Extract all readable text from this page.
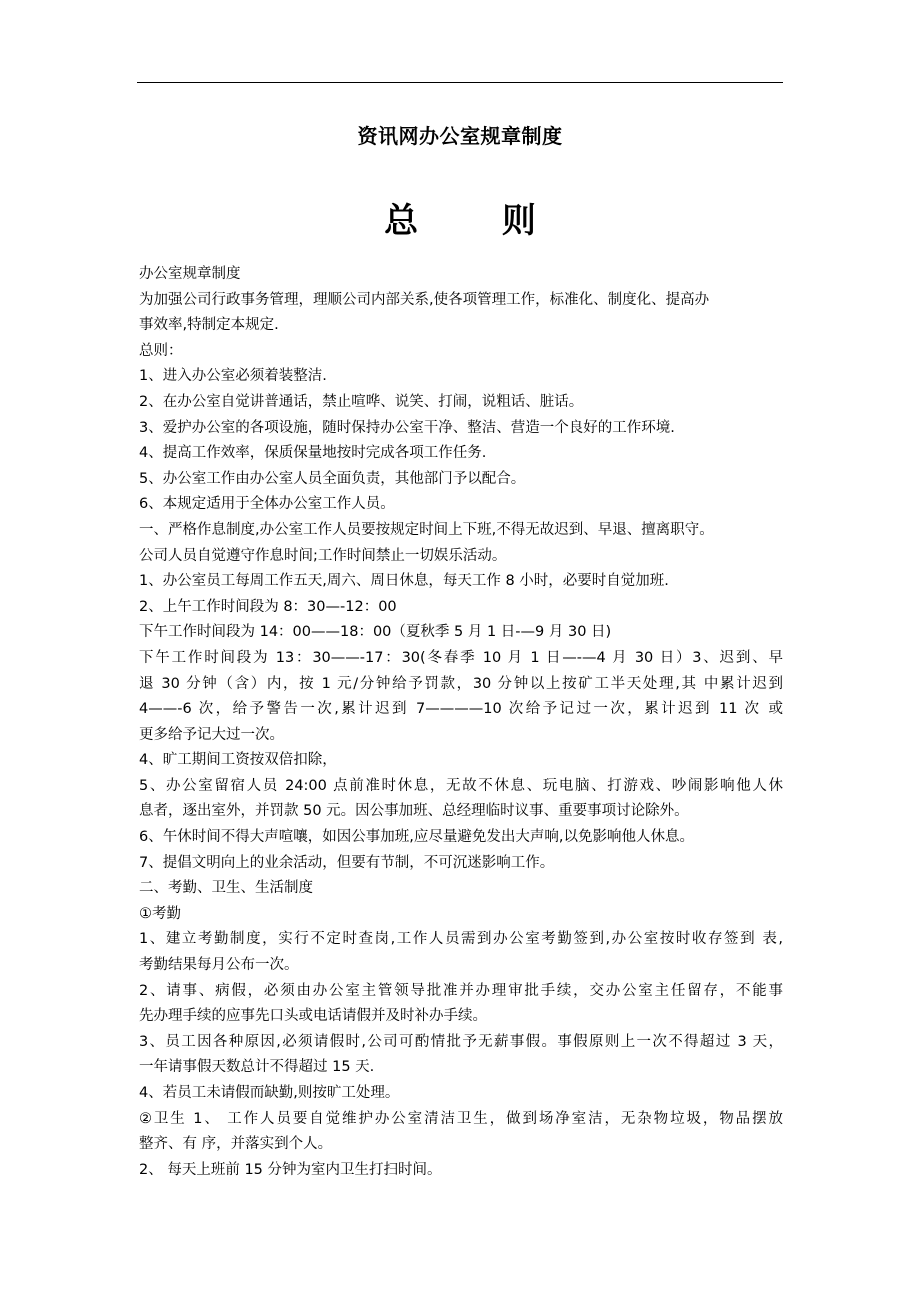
资讯网办公室规章制度
总 则

办公室规章制度

为加强公司行政事务管理，理顺公司内部关系,使各项管理工作，标准化、制度化、提高办

事效率,特制定本规定.

总则：

1、进入办公室必须着装整洁.

2、在办公室自觉讲普通话，禁止喧哗、说笑、打闹，说粗话、脏话。

3、爱护办公室的各项设施，随时保持办公室干净、整洁、营造一个良好的工作环境.

4、提高工作效率，保质保量地按时完成各项工作任务.

5、办公室工作由办公室人员全面负责，其他部门予以配合。

6、本规定适用于全体办公室工作人员。

一、严格作息制度,办公室工作人员要按规定时间上下班,不得无故迟到、早退、擅离职守。

公司人员自觉遵守作息时间;工作时间禁止一切娱乐活动。

1、办公室员工每周工作五天,周六、周日休息，每天工作 8 小时，必要时自觉加班.

2、上午工作时间段为 8：30—-12：00

下午工作时间段为 14：00——18：00（夏秋季 5 月 1 日-—9 月 30 日)

下午工作时间段为 13：30——-17：30(冬春季 10 月 1 日—-—4 月 30 日）3、迟到、早

退 30 分钟（含）内，按 1 元/分钟给予罚款，30 分钟以上按矿工半天处理,其 中累计迟到

4——-6 次，给予警告一次,累计迟到 7————10 次给予记过一次，累计迟到 11 次 或

更多给予记大过一次。

4、旷工期间工资按双倍扣除，

5、办公室留宿人员 24:00 点前准时休息，无故不休息、玩电脑、打游戏、吵闹影响他人休

息者，逐出室外，并罚款 50 元。因公事加班、总经理临时议事、重要事项讨论除外。

6、午休时间不得大声喧嚷，如因公事加班,应尽量避免发出大声响,以免影响他人休息。

7、提倡文明向上的业余活动，但要有节制，不可沉迷影响工作。

二、考勤、卫生、生活制度

①考勤

1、建立考勤制度，实行不定时查岗,工作人员需到办公室考勤签到,办公室按时收存签到 表,

考勤结果每月公布一次。

2、请事、病假，必须由办公室主管领导批准并办理审批手续，交办公室主任留存，不能事

先办理手续的应事先口头或电话请假并及时补办手续。

3、员工因各种原因,必须请假时,公司可酌情批予无薪事假。事假原则上一次不得超过 3 天，

一年请事假天数总计不得超过 15 天.

4、若员工未请假而缺勤,则按旷工处理。

②卫生 1、 工作人员要自觉维护办公室清洁卫生，做到场净室洁，无杂物垃圾，物品摆放

整齐、有 序，并落实到个人。

2、 每天上班前 15 分钟为室内卫生打扫时间。
